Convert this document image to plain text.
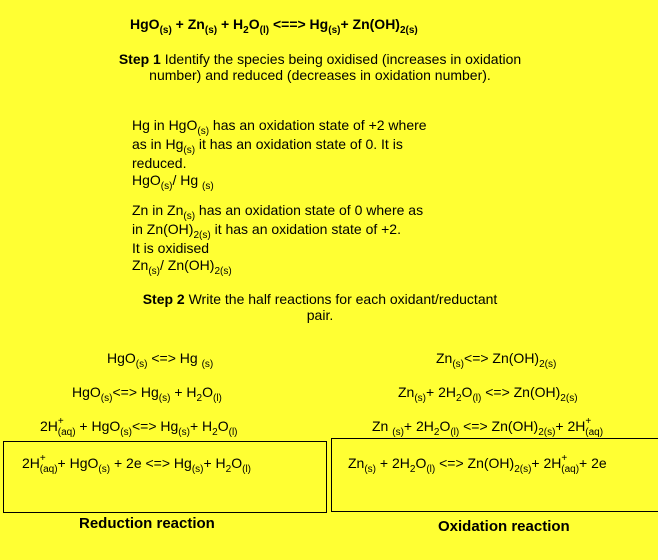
$HgO_{(s)} + Zn_{(s)} + H_2O_{(l)}$ <==> $Hg_{(s)}+ Zn(OH)_{2(s)}$
Step 1 Identify the species being oxidised (increases in oxidation
number) and reduced (decreases in oxidation number).
Hg in HgO$_{(s)}$ has an oxidation state of +2 where
as in $Hg_{(s)}$ it has an oxidation state of 0. It is
reduced.
HgO$_{(s)}$/ Hg $_{(s)}$
Zn in $Zn_{(s)}$ has an oxidation state of 0 where as
in $Zn(OH)_{2(s)}$ it has an oxidation state of +2.
It is oxidised
$Zn_{(s)}/$ $Zn(OH)_{2(s)}$
Step 2 Write the half reactions for each oxidant/reductant
pair.
HgO$_{(s)}$ <=> Hg $_{(s)}$
$HgO_{(s)}<=> Hg_{(s)} + H_2O_{(l)}$
$2H^+_{(aq)} + HgO_{(s)}<=> Hg_{(s)}+ H_2O_{(l)}$
$2H^+_{(aq)}+ HgO_{(s)} + 2e$ <=> $Hg_{(s)}+ H_2O_{(l)}$
Reduction reaction
$Zn_{(s)}<=> Zn(OH)_{2(s)}$
$Zn_{(s)}+ 2H_2O_{(l)}$ <=> $Zn(OH)_{2(s)}$
Zn $_{(s)}+ 2H_2O_{(l)}$ <=> $Zn(OH)_{2(s)}+ 2H^+_{(aq)}$
$Zn_{(s)} + 2H_2O_{(l)}$ <=> $Zn(OH)_{2(s)}+ 2H^+_{(aq)}+ 2e$
Oxidation reaction
